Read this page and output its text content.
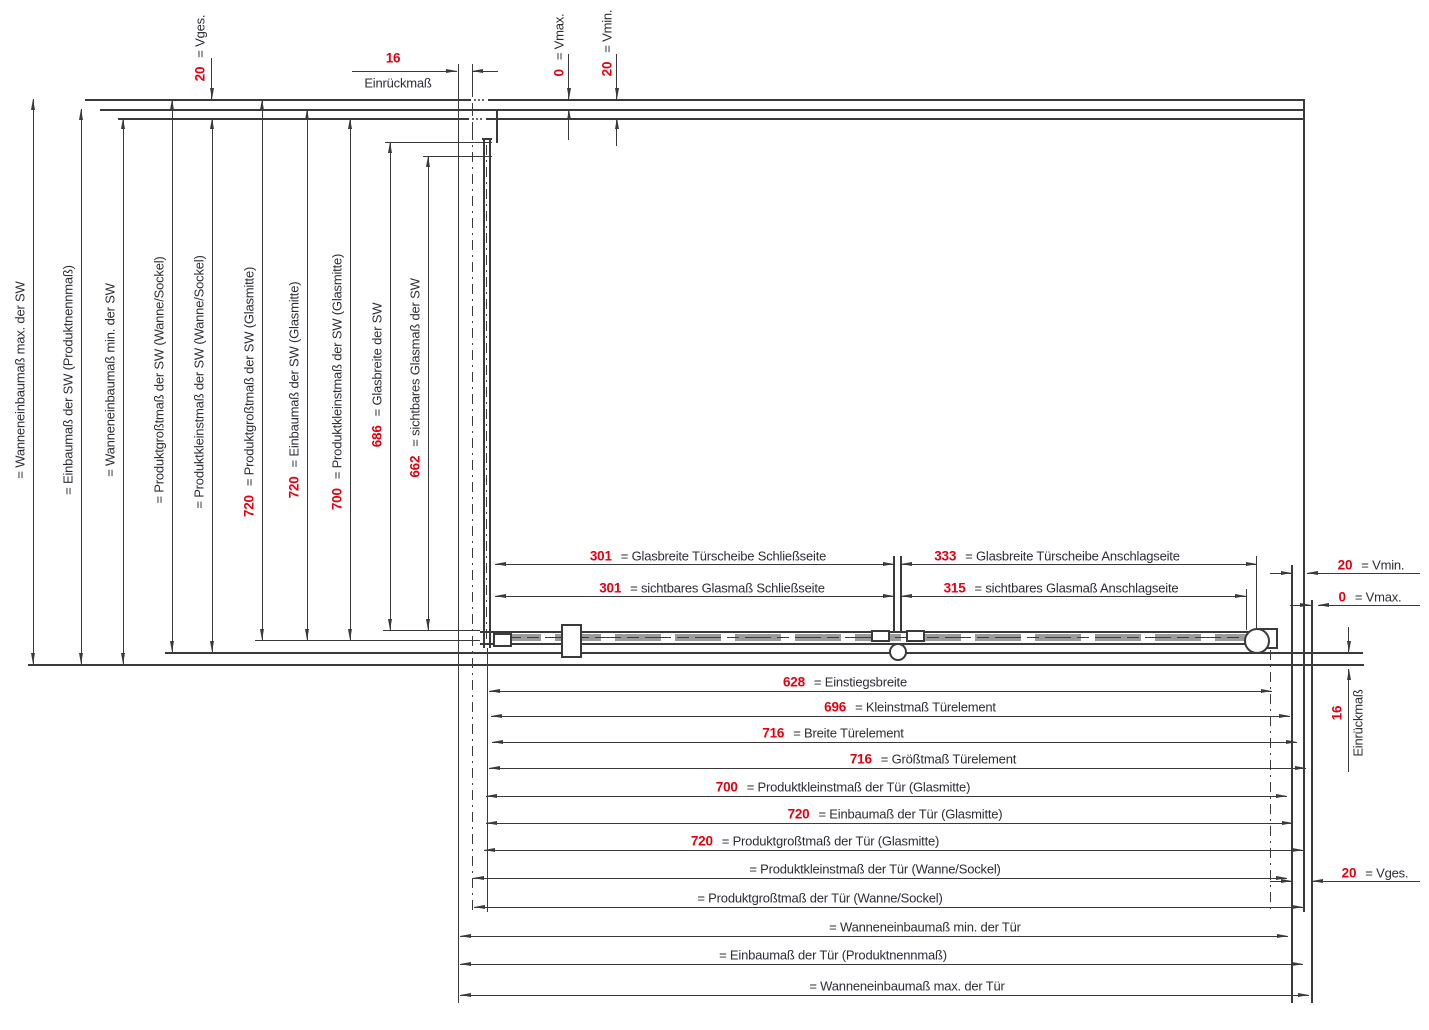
= Wanneneinbaumaß max. der SW	= Einbaumaß der SW (Produktnennmaß) = Wanneneinbaumaß min. der SW	= Produktgroßtmaß der SW (Wanne/Sockel) = Produktkleinstmaß der SW (Wanne/Sockel)	720= Produktgroßtmaß der SW (Glasmitte)
720= Einbaumaß der SW (Glasmitte)
700= Produktkleinstmaß der SW (Glasmitte) 686= Glasbreite der SW
662= sichtbares Glasmaß der SW
20= Vges.
0= Vmax.
20= Vmin.
16
Einrückmaß
301 = Glasbreite Türscheibe Schließseite	333 = Glasbreite Türscheibe Anschlagseite
301 = sichtbares Glasmaß Schließseite	315 = sichtbares Glasmaß Anschlagseite
628 = Einstiegsbreite
696 = Kleinstmaß Türelement
716 = Breite Türelement
716 = Größtmaß Türelement
700 = Produktkleinstmaß der Tür (Glasmitte)
720 = Einbaumaß der Tür (Glasmitte)
720 = Produktgroßtmaß der Tür (Glasmitte)
= Produktkleinstmaß der Tür (Wanne/Sockel)
= Produktgroßtmaß der Tür (Wanne/Sockel)
= Wanneneinbaumaß min. der Tür
= Einbaumaß der Tür (Produktnennmaß)
= Wanneneinbaumaß max. der Tür
20 = Vmin.
0 = Vmax.
16 Einrückmaß
20 = Vges.
